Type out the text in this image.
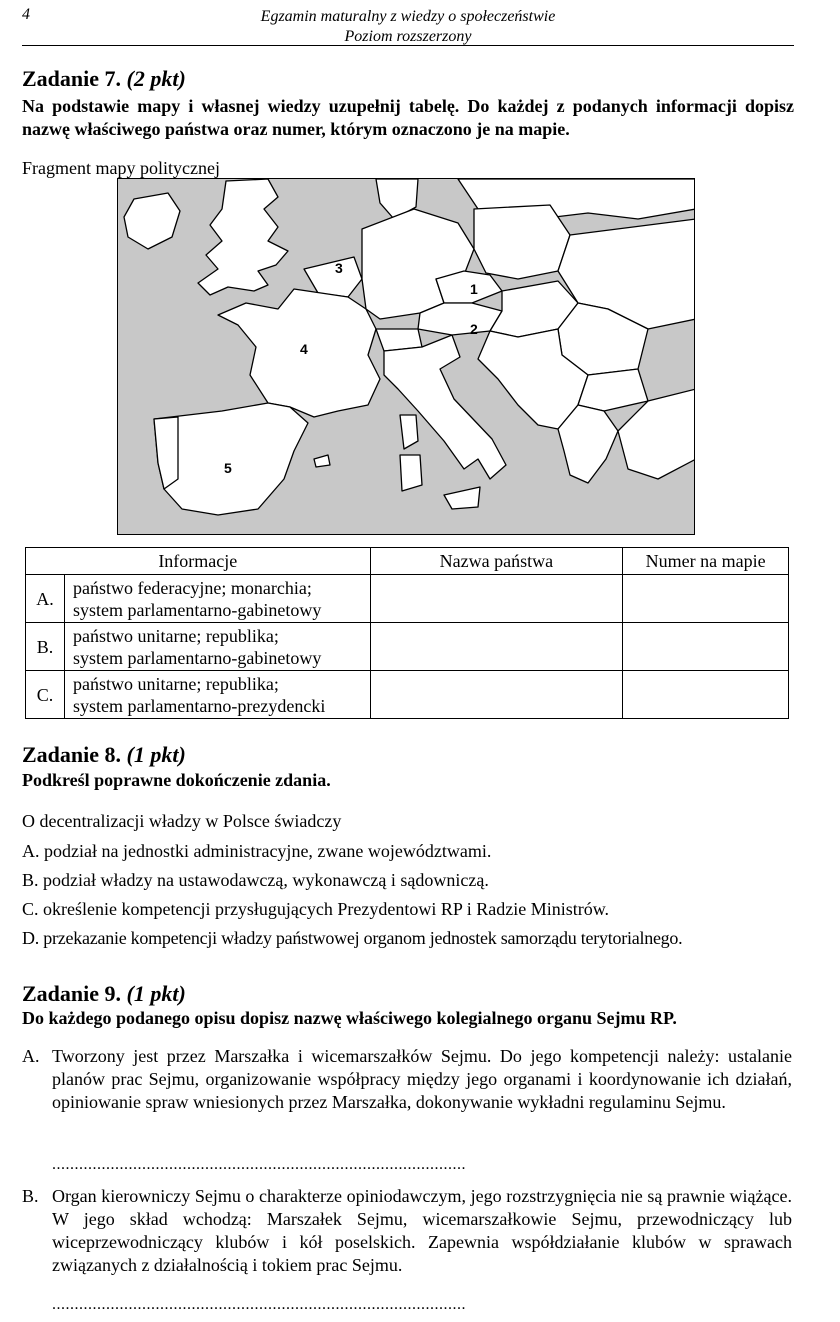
4	Egzamin maturalny z wiedzy o społeczeństwie
Poziom rozszerzony
Zadanie 7. (2 pkt)
Na podstawie mapy i własnej wiedzy uzupełnij tabelę. Do każdej z podanych informacji dopisz nazwę właściwego państwa oraz numer, którym oznaczono je na mapie.
Fragment mapy politycznej
1
2
3
4
5
Informacje		Nazwa państwa	Numer na mapie
A.	państwo federacyjne; monarchia;
system parlamentarno-gabinetowy		

B.	państwo unitarne; republika;
system parlamentarno-gabinetowy		

C.	państwo unitarne; republika;
system parlamentarno-prezydencki		

Zadanie 8. (1 pkt)
Podkreśl poprawne dokończenie zdania.
O decentralizacji władzy w Polsce świadczy
A. podział na jednostki administracyjne, zwane województwami.
B. podział władzy na ustawodawczą, wykonawczą i sądowniczą.
C. określenie kompetencji przysługujących Prezydentowi RP i Radzie Ministrów.
D. przekazanie kompetencji władzy państwowej organom jednostek samorządu terytorialnego.
Zadanie 9. (1 pkt)
Do każdego podanego opisu dopisz nazwę właściwego kolegialnego organu Sejmu RP.
A. Tworzony jest przez Marszałka i wicemarszałków Sejmu. Do jego kompetencji należy: ustalanie planów prac Sejmu, organizowanie współpracy między jego organami i koordynowanie ich działań, opiniowanie spraw wniesionych przez Marszałka, dokonywanie wykładni regulaminu Sejmu.
............................................................................................
B. Organ kierowniczy Sejmu o charakterze opiniodawczym, jego rozstrzygnięcia nie są prawnie wiążące. W jego skład wchodzą: Marszałek Sejmu, wicemarszałkowie Sejmu, przewodniczący lub wiceprzewodniczący klubów i kół poselskich. Zapewnia współdziałanie klubów w sprawach związanych z działalnością i tokiem prac Sejmu.
............................................................................................
